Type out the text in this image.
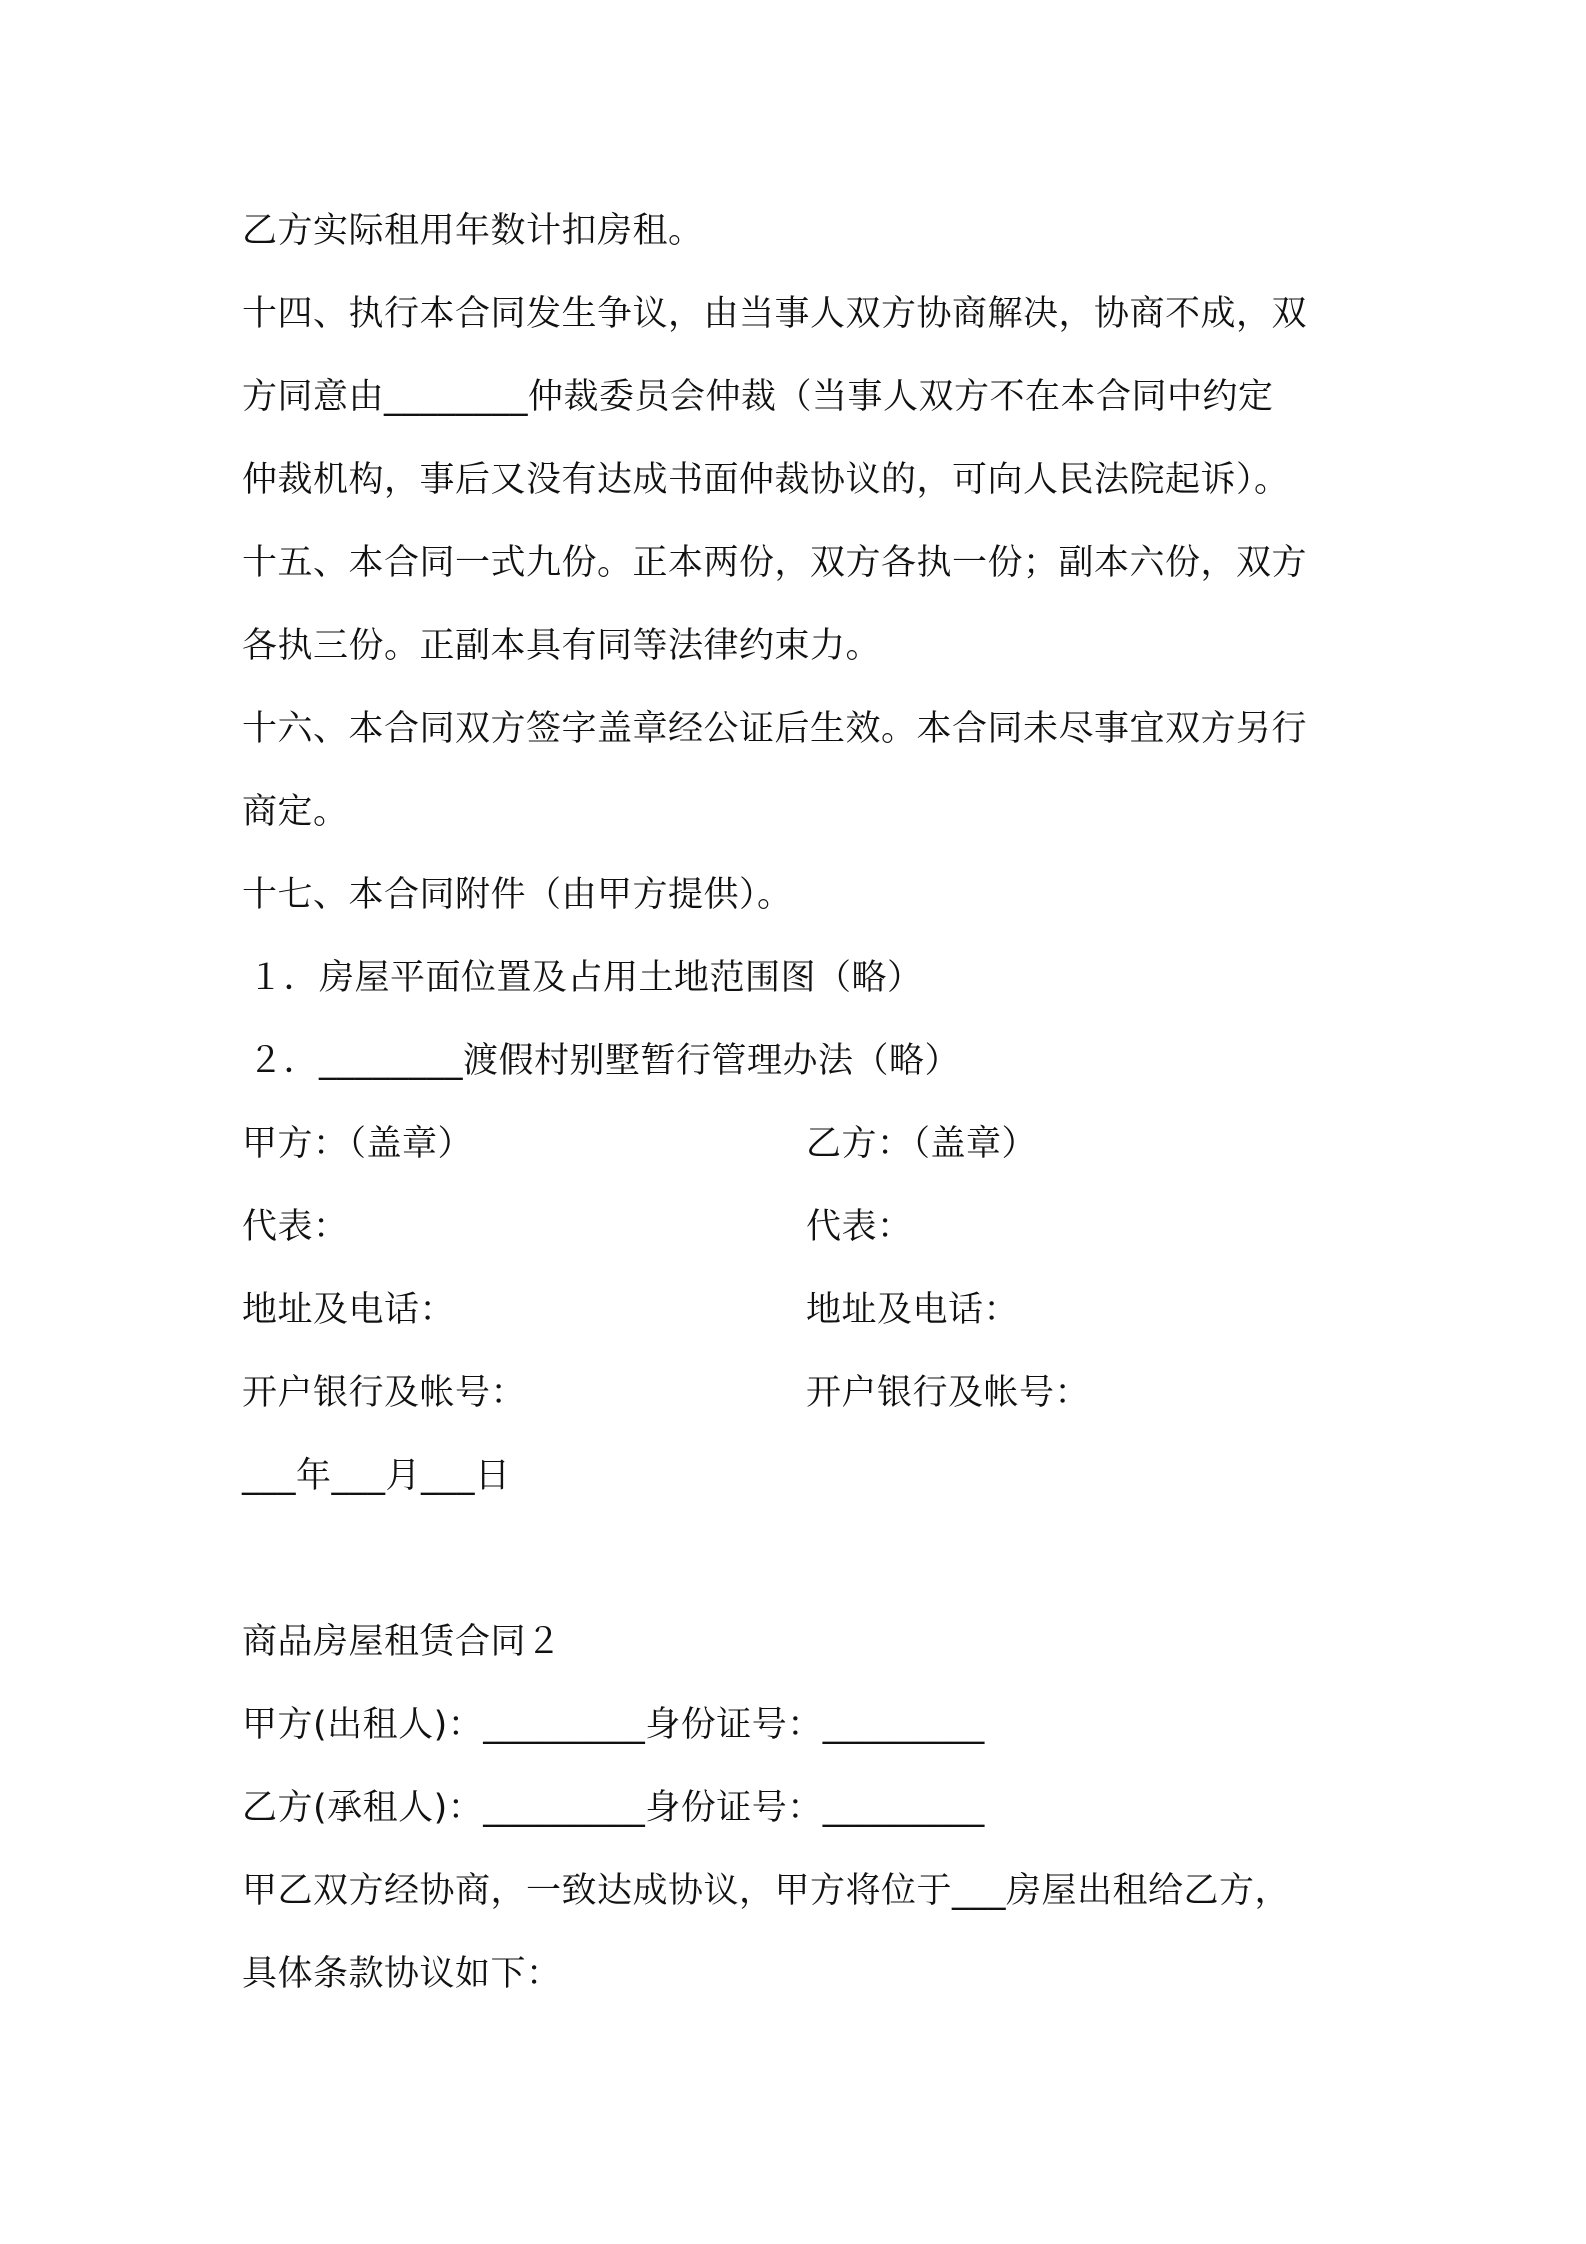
乙方实际租用年数计扣房租。
十四、执行本合同发生争议，由当事人双方协商解决，协商不成，双
方同意由________仲裁委员会仲裁（当事人双方不在本合同中约定
仲裁机构，事后又没有达成书面仲裁协议的，可向人民法院起诉）。
十五、本合同一式九份。正本两份，双方各执一份；副本六份，双方
各执三份。正副本具有同等法律约束力。
十六、本合同双方签字盖章经公证后生效。本合同未尽事宜双方另行
商定。
十七、本合同附件（由甲方提供）。
１．房屋平面位置及占用土地范围图（略）
２．________渡假村别墅暂行管理办法（略）
甲方：（盖章）	乙方：（盖章）
代表：	代表：
地址及电话：	地址及电话：
开户银行及帐号：	开户银行及帐号：
___年___月___日
商品房屋租赁合同２
甲方(出租人)：_________身份证号：_________
乙方(承租人)：_________身份证号：_________
甲乙双方经协商，一致达成协议，甲方将位于___房屋出租给乙方，
具体条款协议如下：
